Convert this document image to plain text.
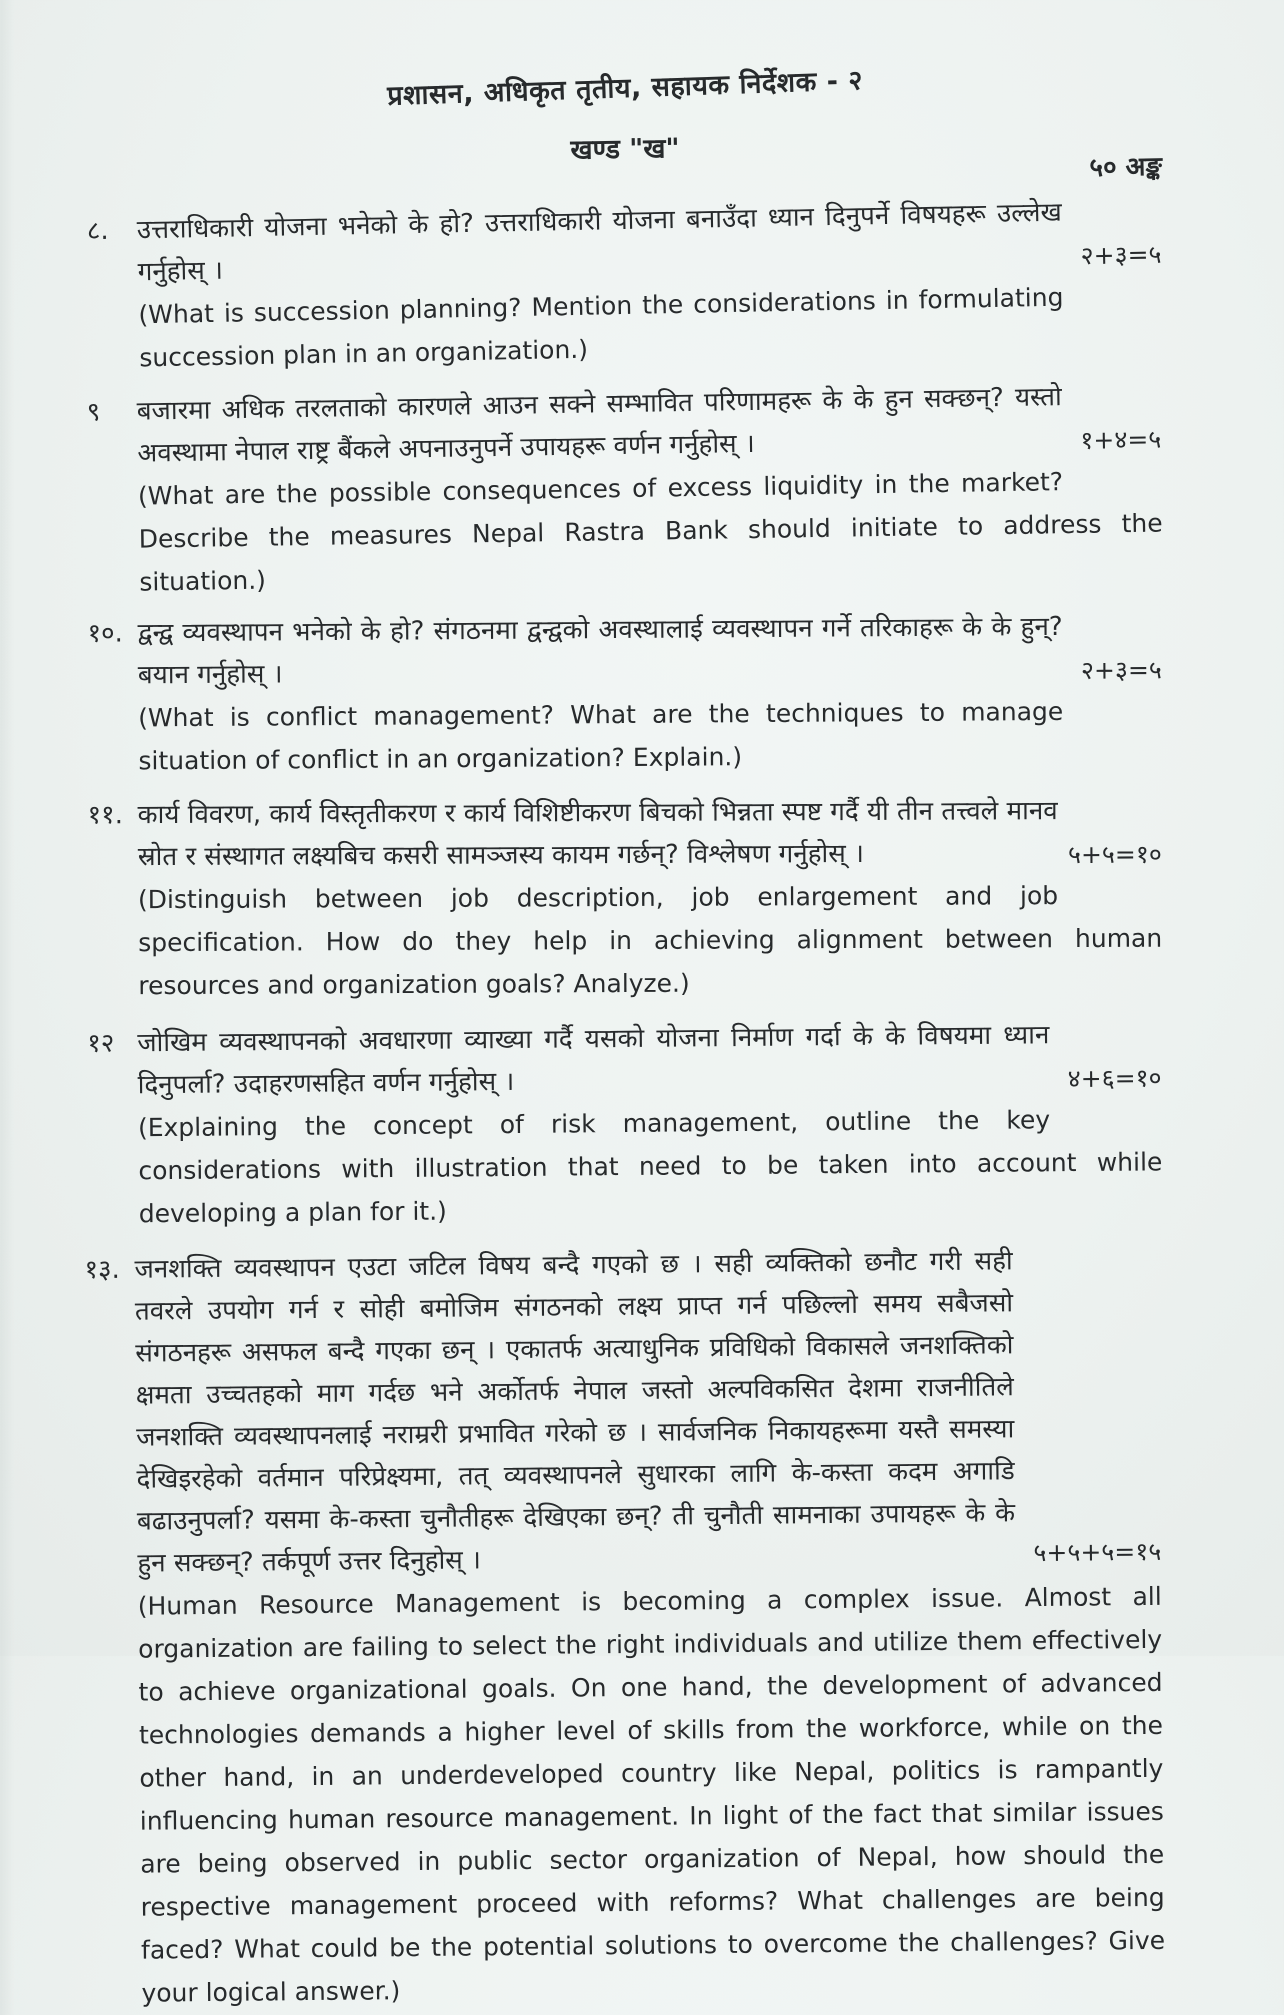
प्रशासन, अधिकृत तृतीय, सहायक निर्देशक - २
खण्ड "ख"
५० अङ्क
८.
२+३=५
उत्तराधिकारी योजना भनेको के हो? उत्तराधिकारी योजना बनाउँदा ध्यान दिनुपर्ने विषयहरू उल्लेख गर्नुहोस् ।
(What is succession planning? Mention the considerations in formulating succession plan in an organization.)
९
१+४=५
बजारमा अधिक तरलताको कारणले आउन सक्ने सम्भावित परिणामहरू के के हुन सक्छन्? यस्तो अवस्थामा नेपाल राष्ट्र बैंकले अपनाउनुपर्ने उपायहरू वर्णन गर्नुहोस् ।
(What are the possible consequences of excess liquidity in the market? Describe the measures Nepal Rastra Bank should initiate to address the situation.)
१०.
२+३=५
द्वन्द्व व्यवस्थापन भनेको के हो? संगठनमा द्वन्द्वको अवस्थालाई व्यवस्थापन गर्ने तरिकाहरू के के हुन्? बयान गर्नुहोस् ।
(What is conflict management? What are the techniques to manage situation of conflict in an organization? Explain.)
११.
५+५=१०
कार्य विवरण, कार्य विस्तृतीकरण र कार्य विशिष्टीकरण बिचको भिन्नता स्पष्ट गर्दै यी तीन तत्त्वले मानव स्रोत र संस्थागत लक्ष्यबिच कसरी सामञ्जस्य कायम गर्छन्? विश्लेषण गर्नुहोस् ।
(Distinguish between job description, job enlargement and job specification. How do they help in achieving alignment between human resources and organization goals? Analyze.)
१२
४+६=१०
जोखिम व्यवस्थापनको अवधारणा व्याख्या गर्दै यसको योजना निर्माण गर्दा के के विषयमा ध्यान दिनुपर्ला? उदाहरणसहित वर्णन गर्नुहोस् ।
(Explaining the concept of risk management, outline the key considerations with illustration that need to be taken into account while developing a plan for it.)
१३.
५+५+५=१५
जनशक्ति व्यवस्थापन एउटा जटिल विषय बन्दै गएको छ । सही व्यक्तिको छनौट गरी सही तवरले उपयोग गर्न र सोही बमोजिम संगठनको लक्ष्य प्राप्त गर्न पछिल्लो समय सबैजसो संगठनहरू असफल बन्दै गएका छन् । एकातर्फ अत्याधुनिक प्रविधिको विकासले जनशक्तिको क्षमता उच्चतहको माग गर्दछ भने अर्कोतर्फ नेपाल जस्तो अल्पविकसित देशमा राजनीतिले जनशक्ति व्यवस्थापनलाई नराम्ररी प्रभावित गरेको छ । सार्वजनिक निकायहरूमा यस्तै समस्या देखिइरहेको वर्तमान परिप्रेक्ष्यमा, तत् व्यवस्थापनले सुधारका लागि के-कस्ता कदम अगाडि बढाउनुपर्ला? यसमा के-कस्ता चुनौतीहरू देखिएका छन्? ती चुनौती सामनाका उपायहरू के के हुन सक्छन्? तर्कपूर्ण उत्तर दिनुहोस् ।
(Human Resource Management is becoming a complex issue. Almost all organization are failing to select the right individuals and utilize them effectively to achieve organizational goals. On one hand, the development of advanced technologies demands a higher level of skills from the workforce, while on the other hand, in an underdeveloped country like Nepal, politics is rampantly influencing human resource management. In light of the fact that similar issues are being observed in public sector organization of Nepal, how should the respective management proceed with reforms? What challenges are being faced? What could be the potential solutions to overcome the challenges? Give your logical answer.)
